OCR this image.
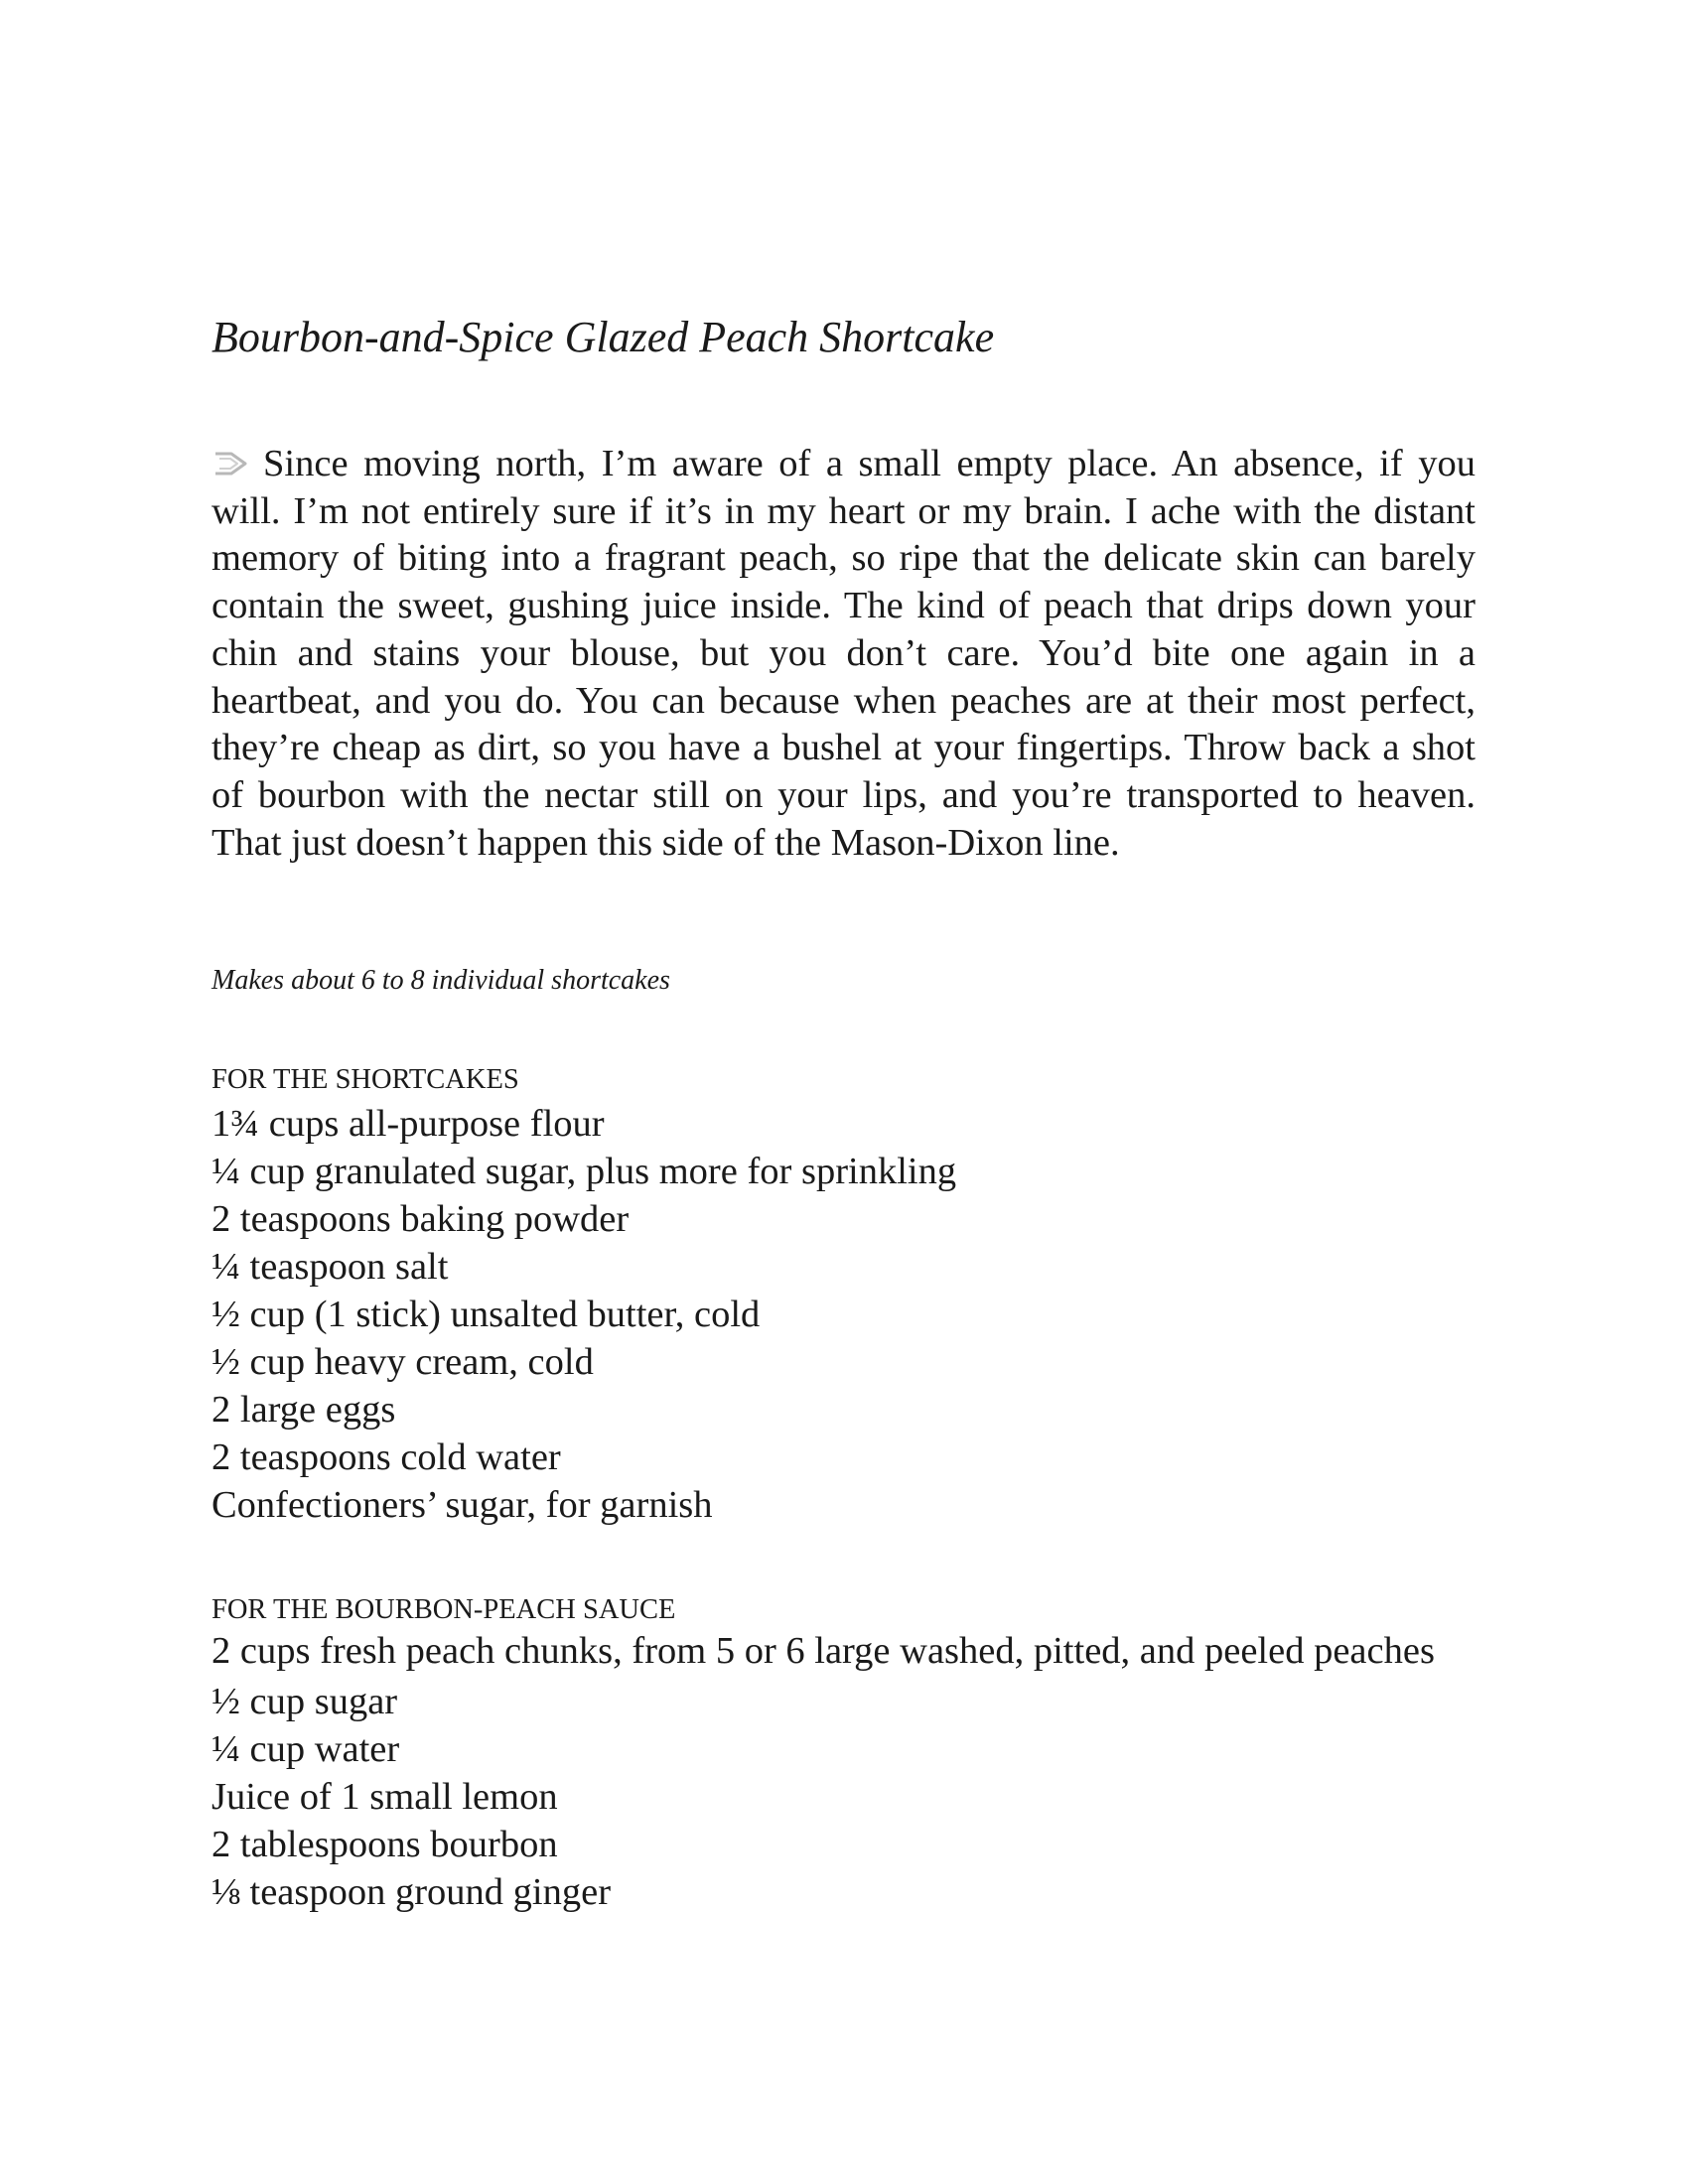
Bourbon-and-Spice Glazed Peach Shortcake

Since moving north, I’m aware of a small empty place. An absence, if you will. I’m not entirely sure if it’s in my heart or my brain. I ache with the distant memory of biting into a fragrant peach, so ripe that the delicate skin can barely contain the sweet, gushing juice inside. The kind of peach that drips down your chin and stains your blouse, but you don’t care. You’d bite one again in a heartbeat, and you do. You can because when peaches are at their most perfect, they’re cheap as dirt, so you have a bushel at your fingertips. Throw back a shot of bourbon with the nectar still on your lips, and you’re transported to heaven. That just doesn’t happen this side of the Mason-Dixon line.

Makes about 6 to 8 individual shortcakes
FOR THE SHORTCAKES
1¾ cups all-purpose flour
¼ cup granulated sugar, plus more for sprinkling
2 teaspoons baking powder
¼ teaspoon salt
½ cup (1 stick) unsalted butter, cold
½ cup heavy cream, cold
2 large eggs
2 teaspoons cold water
Confectioners’ sugar, for garnish
FOR THE BOURBON-PEACH SAUCE
2 cups fresh peach chunks, from 5 or 6 large washed, pitted, and peeled peaches
½ cup sugar
¼ cup water
Juice of 1 small lemon
2 tablespoons bourbon
⅛ teaspoon ground ginger
